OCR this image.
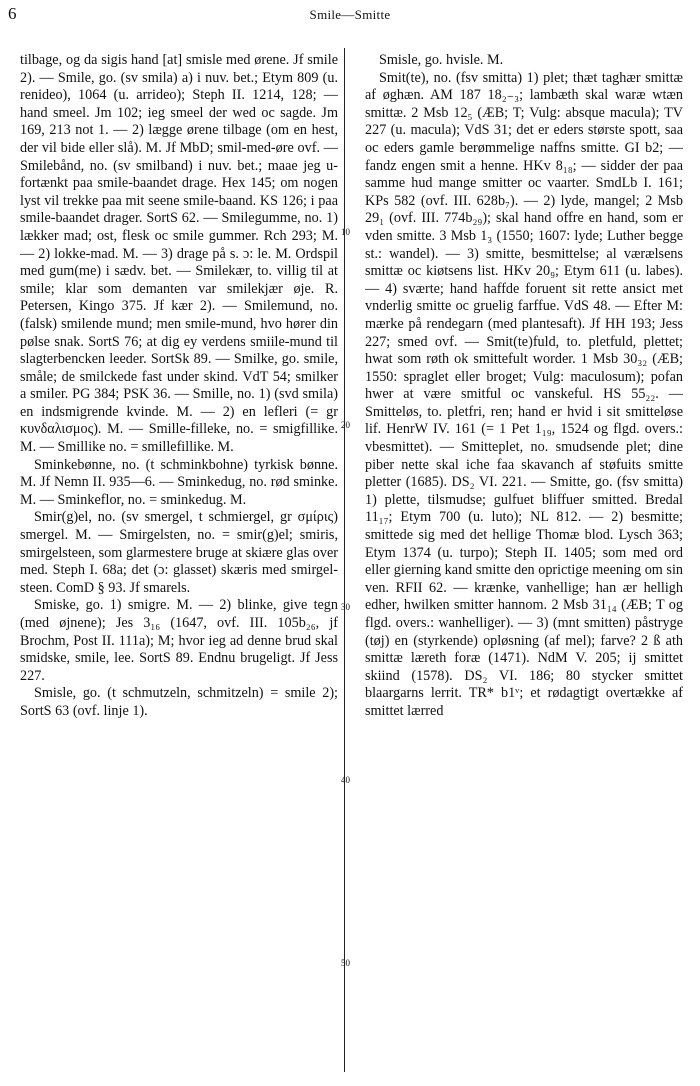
6	Smile—Smitte
10
20
30
40
50

tilbage, og da sigis hand [at] smisle med ørene. Jf smile 2). — Smile, go. (sv smila) a) i nuv. bet.; Etym 809 (u. renideo), 1064 (u. arrideo); Steph II. 1214, 128; — hand smeel. Jm 102; ieg smeel der wed oc sagde. Jm 169, 213 not 1. — 2) lægge ørene tilbage (om en hest, der vil bide eller slå). M. Jf MbD; smil-med-øre ovf. — Smilebånd, no. (sv smilband) i nuv. bet.; maae jeg u-fortænkt paa smile-baandet drage. Hex 145; om nogen lyst vil trekke paa mit seene smile-baand. KS 126; i paa smile-baandet drager. SortS 62. — Smilegumme, no. 1) lækker mad; ost, flesk oc smile gummer. Rch 293; M. — 2) lokke-mad. M. — 3) drage på s. ɔ: le. M. Ordspil med gum(me) i sædv. bet. — Smilekær, to. villig til at smile; klar som demanten var smilekjær øje. R. Petersen, Kingo 375. Jf kær 2). — Smilemund, no. (falsk) smilende mund; men smile-mund, hvo hører din pølse snak. SortS 76; at dig ey verdens smiile-mund til slagterbencken leeder. SortSk 89. — Smilke, go. smile, småle; de smilckede fast under skind. VdT 54; smilker a smiler. PG 384; PSK 36. — Smille, no. 1) (svd smila) en indsmigrende kvinde. M. — 2) en lefleri (= gr κυνδαλισμος). M. — Smille-filleke, no. = smigfillike. M. — Smillike no. = smillefillike. M.

Sminkebønne, no. (t schminkbohne) tyrkisk bønne. M. Jf Nemn II. 935—6. — Sminkedug, no. rød sminke. M. — Sminkeflor, no. = sminkedug. M.

Smir(g)el, no. (sv smergel, t schmiergel, gr σμίρις) smergel. M. — Smirgelsten, no. = smir(g)el; smiris, smirgelsteen, som glarmestere bruge at skiære glas over med. Steph I. 68a; det (ɔ: glasset) skæris med smirgel-steen. ComD § 93. Jf smarels.

Smiske, go. 1) smigre. M. — 2) blinke, give tegn (med øjnene); Jes 3₁₆ (1647, ovf. III. 105b₂₆, jf Brochm, Post II. 111a); M; hvor ieg ad denne brud skal smidske, smile, lee. SortS 89. Endnu brugeligt. Jf Jess 227.

Smisle, go. (t schmutzeln, schmitzeln) = smile 2); SortS 63 (ovf. linje 1).

Smisle, go. hvisle. M.

Smit(te), no. (fsv smitta) 1) plet; thæt taghær smittæ af øghæn. AM 187 18₂₋₃; lambæth skal waræ wtæn smittæ. 2 Msb 12₅ (ÆB; T; Vulg: absque macula); TV 227 (u. macula); VdS 31; det er eders største spott, saa oc eders gamle berømmelige naffns smitte. GI b2; — fandz engen smit a henne. HKv 8₁₈; — sidder der paa samme hud mange smitter oc vaarter. SmdLb I. 161; KPs 582 (ovf. III. 628b₇). — 2) lyde, mangel; 2 Msb 29₁ (ovf. III. 774b₂₉); skal hand offre en hand, som er vden smitte. 3 Msb 1₃ (1550; 1607: lyde; Luther begge st.: wandel). — 3) smitte, besmittelse; al værælsens smittæ oc kiøtsens list. HKv 20₉; Etym 611 (u. labes). — 4) sværte; hand haffde foruent sit rette ansict met vnderlig smitte oc gruelig farffue. VdS 48. — Efter M: mærke på rendegarn (med plantesaft). Jf HH 193; Jess 227; smed ovf. — Smit(te)fuld, to. pletfuld, plettet; hwat som røth ok smittefult worder. 1 Msb 30₃₂ (ÆB; 1550: spraglet eller broget; Vulg: maculosum); pofan hwer at være smitful oc vanskeful. HS 55₂₂. — Smitteløs, to. pletfri, ren; hand er hvid i sit smitteløse lif. HenrW IV. 161 (= 1 Pet 1₁₉, 1524 og flgd. overs.: vbesmittet). — Smitteplet, no. smudsende plet; dine piber nette skal iche faa skavanch af støfuits smitte pletter (1685). DS₂ VI. 221. — Smitte, go. (fsv smitta) 1) plette, tilsmudse; gulfuet bliffuer smitted. Bredal 11₁₇; Etym 700 (u. luto); NL 812. — 2) besmitte; smittede sig med det hellige Thomæ blod. Lysch 363; Etym 1374 (u. turpo); Steph II. 1405; som med ord eller gierning kand smitte den oprictige meening om sin ven. RFII 62. — krænke, vanhellige; han ær helligh edher, hwilken smitter hannom. 2 Msb 31₁₄ (ÆB; T og flgd. overs.: wanhelliger). — 3) (mnt smitten) påstryge (tøj) en (styrkende) opløsning (af mel); farve? 2 ß ath smittæ læreth foræ (1471). NdM V. 205; ij smittet skiind (1578). DS₂ VI. 186; 80 stycker smittet blaargarns lerrit. TR* b1ᵛ; et rødagtigt overtække af smittet lærred
